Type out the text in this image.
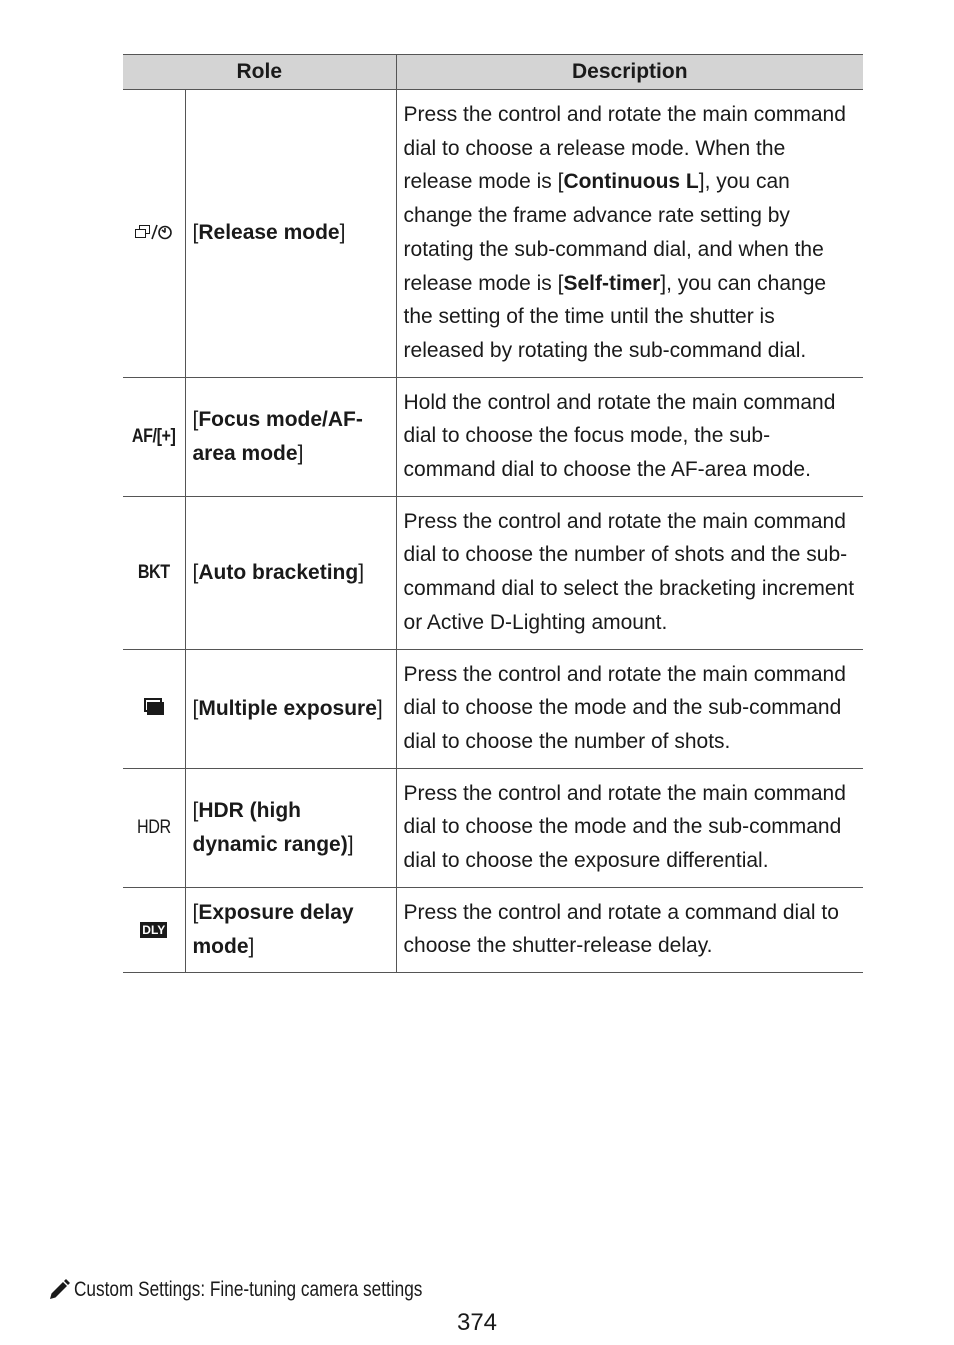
Role		Description

	[Release mode]	Press the control and rotate the main command dial to choose a release mode. When the release mode is [Continuous L], you can change the frame advance rate setting by rotating the sub-command dial, and when the release mode is [Self-timer], you can change the setting of the time until the shutter is released by rotating the sub-command dial.
AF/[+]	[Focus mode/AF-area mode]	Hold the control and rotate the main command dial to choose the focus mode, the sub-command dial to choose the AF-area mode.
BKT	[Auto bracketing]	Press the control and rotate the main command dial to choose the number of shots and the sub-command dial to select the bracketing increment or Active D-Lighting amount.

	[Multiple exposure]	Press the control and rotate the main command dial to choose the mode and the sub-command dial to choose the number of shots.
HDR	[HDR (high dynamic range)]	Press the control and rotate the main command dial to choose the mode and the sub-command dial to choose the exposure differential.
DLY	[Exposure delay mode]	Press the control and rotate a command dial to choose the shutter-release delay.
Custom Settings: Fine-tuning camera settings
374
